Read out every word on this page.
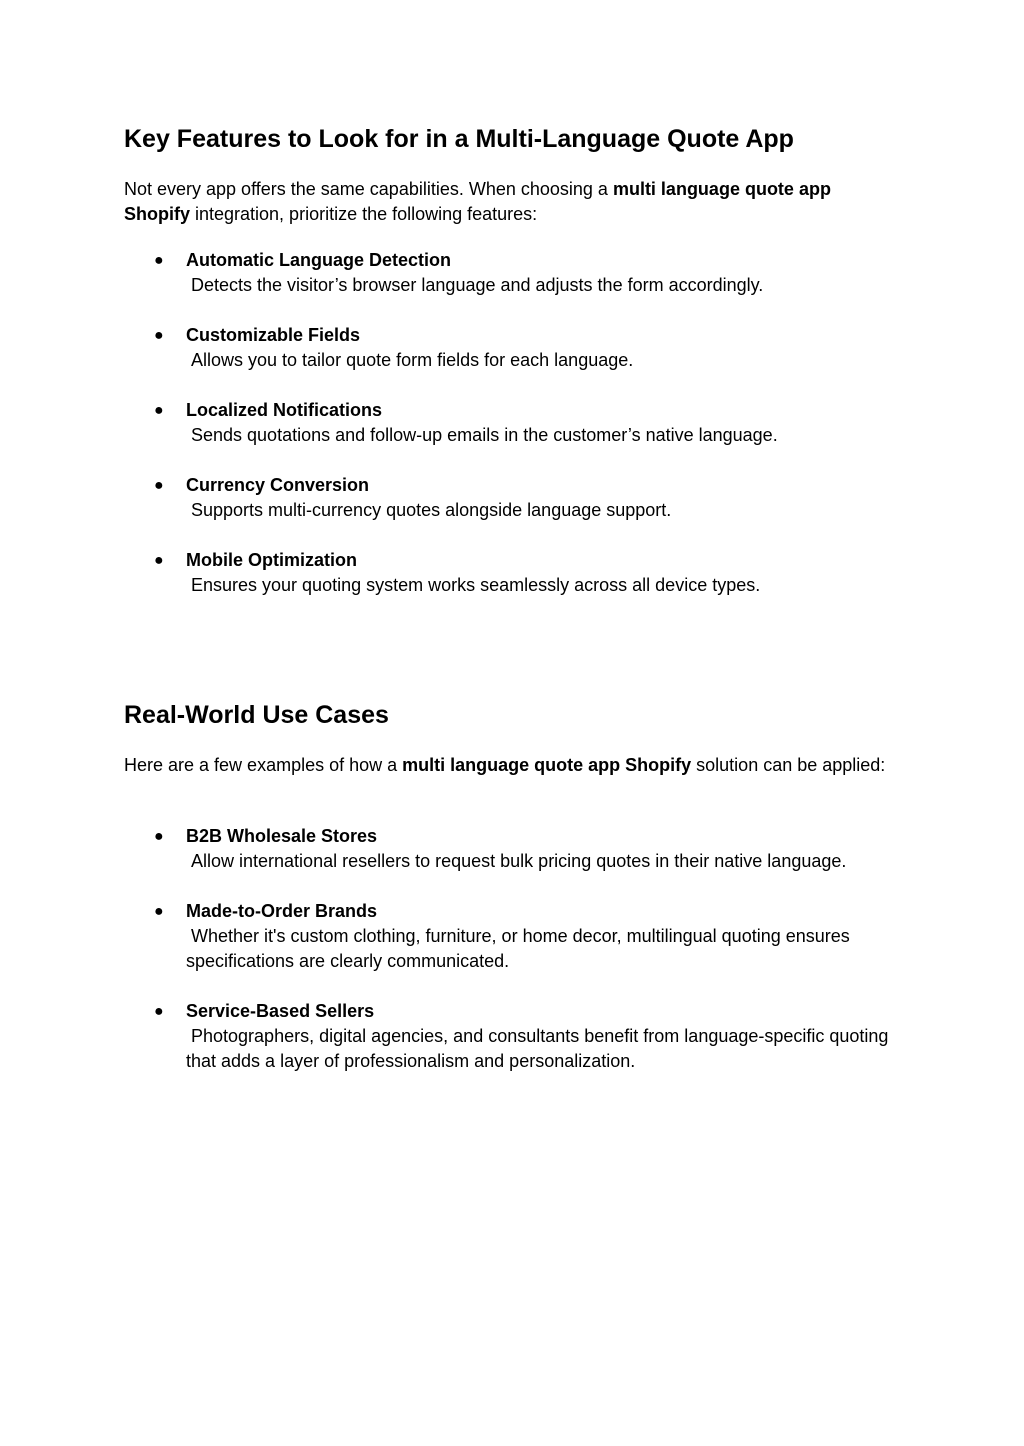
Key Features to Look for in a Multi-Language Quote App

Not every app offers the same capabilities. When choosing a multi language quote app Shopify integration, prioritize the following features:

● Automatic Language Detection
Detects the visitor’s browser language and adjusts the form accordingly.
● Customizable Fields
Allows you to tailor quote form fields for each language.
● Localized Notifications
Sends quotations and follow-up emails in the customer’s native language.
● Currency Conversion
Supports multi-currency quotes alongside language support.
● Mobile Optimization
Ensures your quoting system works seamlessly across all device types.
Real-World Use Cases

Here are a few examples of how a multi language quote app Shopify solution can be applied:

● B2B Wholesale Stores
Allow international resellers to request bulk pricing quotes in their native language.
● Made-to-Order Brands
Whether it's custom clothing, furniture, or home decor, multilingual quoting ensures specifications are clearly communicated.
● Service-Based Sellers
Photographers, digital agencies, and consultants benefit from language-specific quoting that adds a layer of professionalism and personalization.
